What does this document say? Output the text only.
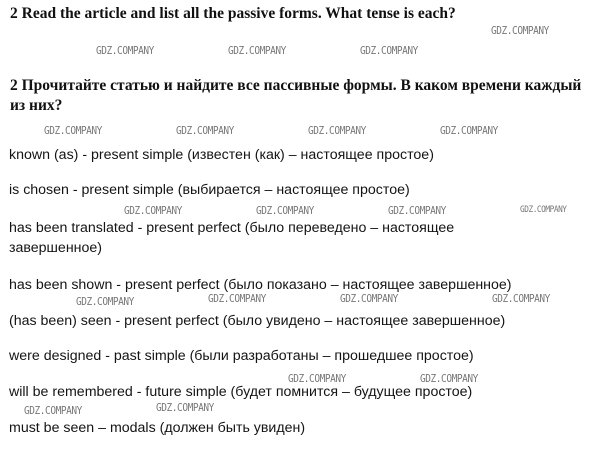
2 Read the article and list all the passive forms. What tense is each?

2 Прочитайте статью и найдите все пассивные формы. В каком времени каждый из них?

known (as) - present simple (известен (как) – настоящее простое)

is chosen - present simple (выбирается – настоящее простое)

has been translated - present perfect (было переведено – настоящее завершенное)

has been shown - present perfect (было показано – настоящее завершенное)

(has been) seen - present perfect (было увидено – настоящее завершенное)

were designed - past simple (были разработаны – прошедшее простое)

will be remembered - future simple (будет помнится – будущее простое)

must be seen – modals (должен быть увиден)

GDZ.COMPANY
GDZ.COMPANY	GDZ.COMPANY	GDZ.COMPANY
GDZ.COMPANY	GDZ.COMPANY	GDZ.COMPANY	GDZ.COMPANY
GDZ.COMPANY	GDZ.COMPANY	GDZ.COMPANY	GDZ.COMPANY
GDZ.COMPANY	GDZ.COMPANY	GDZ.COMPANY	GDZ.COMPANY
GDZ.COMPANY	GDZ.COMPANY
GDZ.COMPANY	GDZ.COMPANY
